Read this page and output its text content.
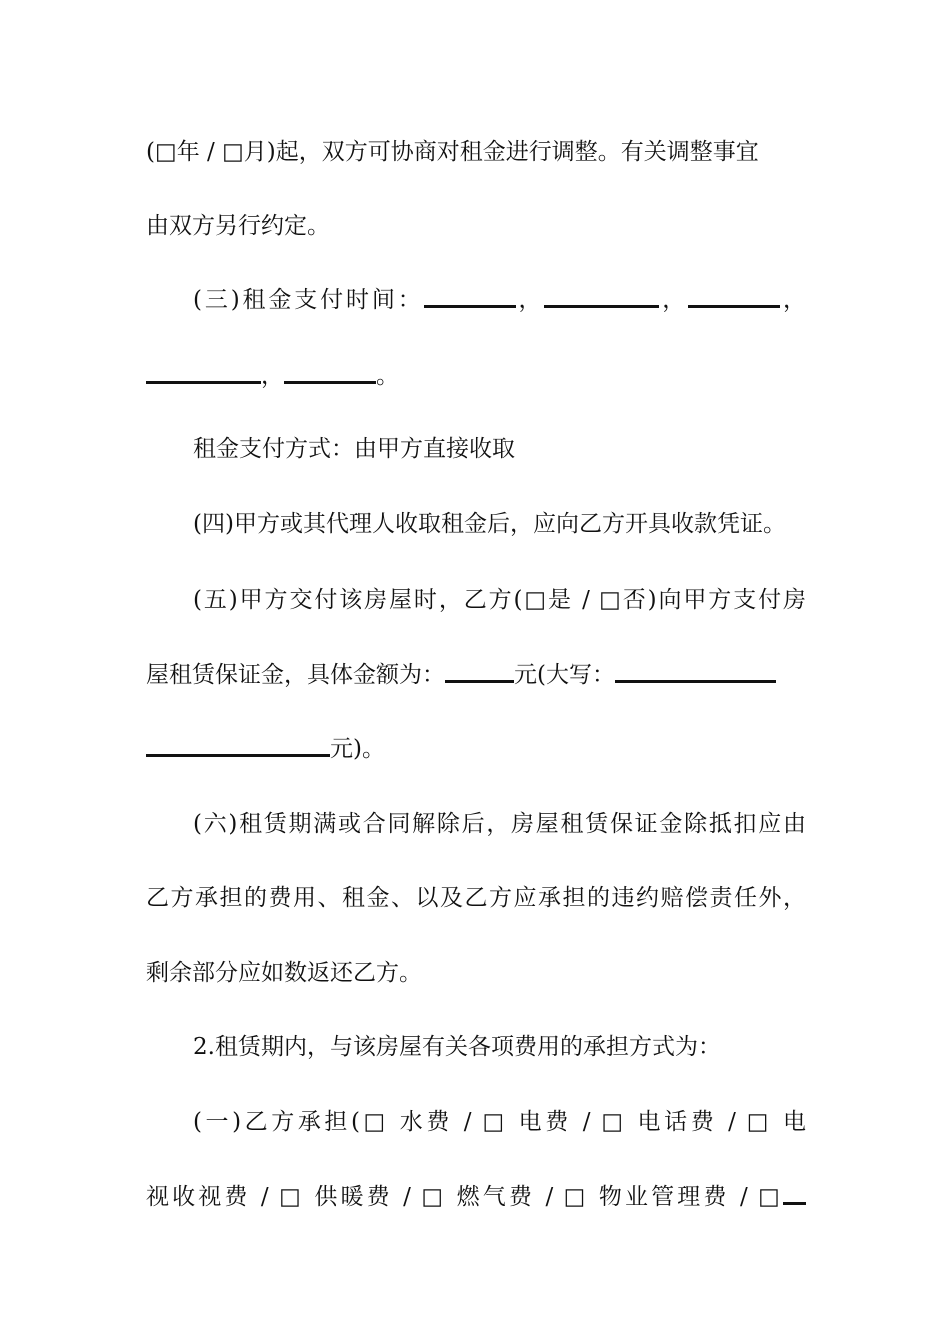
(□年 / □月)起，双方可协商对租金进行调整。有关调整事宜
由双方另行约定。
(三)租金支付时间：	，	，	，
，	。
租金支付方式：由甲方直接收取
(四)甲方或其代理人收取租金后，应向乙方开具收款凭证。
(五)甲方交付该房屋时，乙方(□是 / □否)向甲方支付房
屋租赁保证金，具体金额为：	元(大写：
元)。
(六)租赁期满或合同解除后，房屋租赁保证金除抵扣应由
乙方承担的费用、租金、以及乙方应承担的违约赔偿责任外，
剩余部分应如数返还乙方。
2.租赁期内，与该房屋有关各项费用的承担方式为：
(一)乙方承担(□ 水费 / □ 电费 / □ 电话费 / □ 电
视收视费 / □ 供暖费 / □ 燃气费 / □ 物业管理费 / □
